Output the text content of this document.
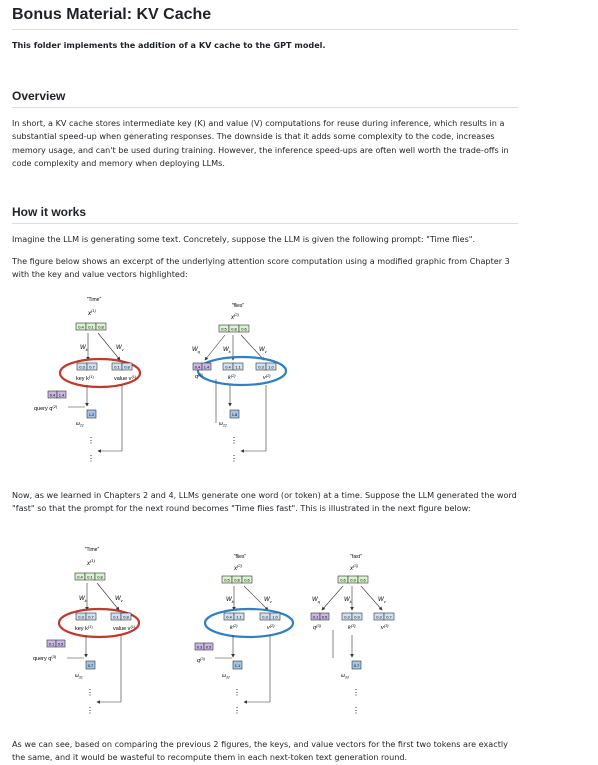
Bonus Material: KV Cache

This folder implements the addition of a KV cache to the GPT model.

Overview

In short, a KV cache stores intermediate key (K) and value (V) computations for reuse during inference, which results in a substantial speed-up when generating responses. The downside is that it adds some complexity to the code, increases memory usage, and can't be used during training. However, the inference speed-ups are often well worth the trade-offs in code complexity and memory when deploying LLMs.

How it works

Imagine the LLM is generating some text. Concretely, suppose the LLM is given the following prompt: "Time flies".

The figure below shows an excerpt of the underlying attention score computation using a modified graphic from Chapter 3 with the key and value vectors highlighted:

Now, as we learned in Chapters 2 and 4, LLMs generate one word (or token) at a time. Suppose the LLM generated the word "fast" so that the prompt for the next round becomes "Time flies fast". This is illustrated in the next figure below:

As we can see, based on comparing the previous 2 figures, the keys, and value vectors for the first two tokens are exactly the same, and it would be wasteful to recompute them in each next-token text generation round.

"Time"
$x^{(1)}$
0.4 0.1 0.8
$W_k$	$W_v$
0.3 0.7	0.1 0.8
key $k^{(1)}$	value $v^{(1)}$
0.4 1.4
query $q^{(2)}$
1.2
$\omega_{21}$
⋮
⋮
"flies"
$x^{(2)}$
0.5 0.8 0.6
$W_q$	$W_k$	$W_v$
0.4 1.4	0.4 1.1	0.3 1.0
$q^{(2)}$
$k^{(2)}$	$v^{(2)}$
1.8
$\omega_{22}$
⋮
⋮
"Time"
$x^{(1)}$
0.4 0.1 0.8
$W_k$	$W_v$
0.3 0.7	0.1 0.8
key $k^{(1)}$	value $v^{(1)}$
0.1 0.5
query $q^{(3)}$
0.7
$\omega_{31}$
⋮
⋮
"flies"
$x^{(2)}$
0.5 0.8 0.6
$W_k$	$W_v$
0.4 1.1	0.3 1.0
$k^{(2)}$	$v^{(2)}$
0.3 0.5
$q^{(3)}$
1.1
$\omega_{32}$
⋮
⋮
"fast"
$x^{(3)}$
0.6 0.9 0.6
$W_q$	$W_k$	$W_v$
0.1 0.5	0.3 0.9	0.3 0.7
$q^{(3)}$	$k^{(3)}$	$v^{(3)}$
0.7
$\omega_{33}$
⋮
⋮
